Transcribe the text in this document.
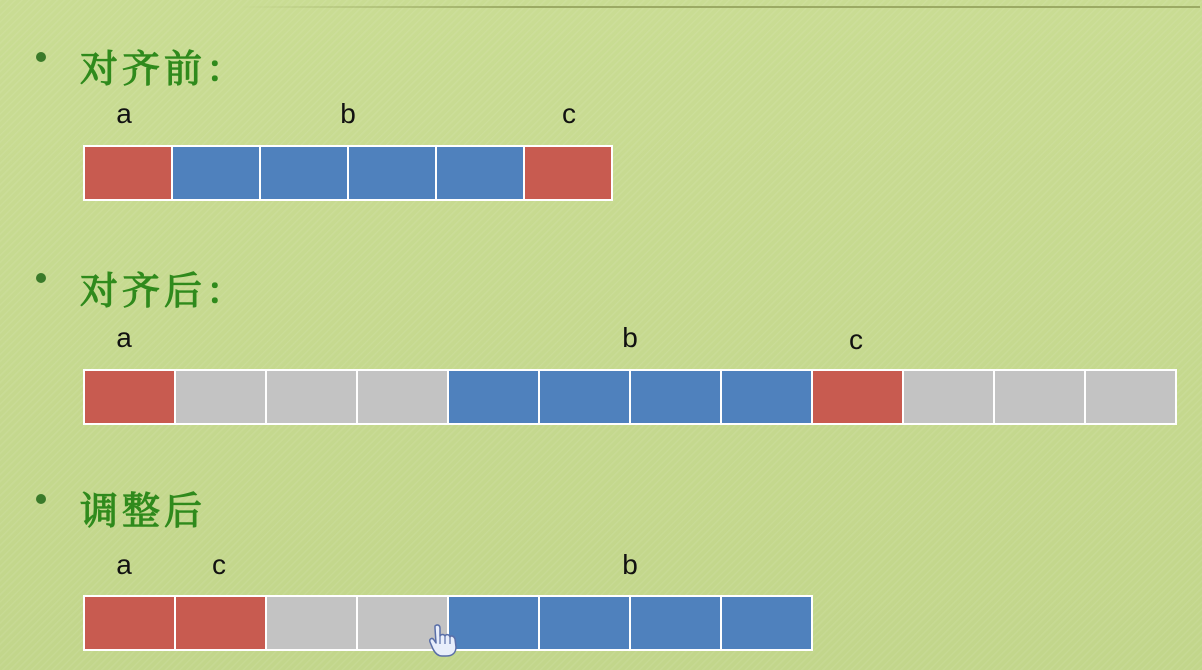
对齐前：
a	b	c
对齐后：
a	b	c
调整后
a	c	b
